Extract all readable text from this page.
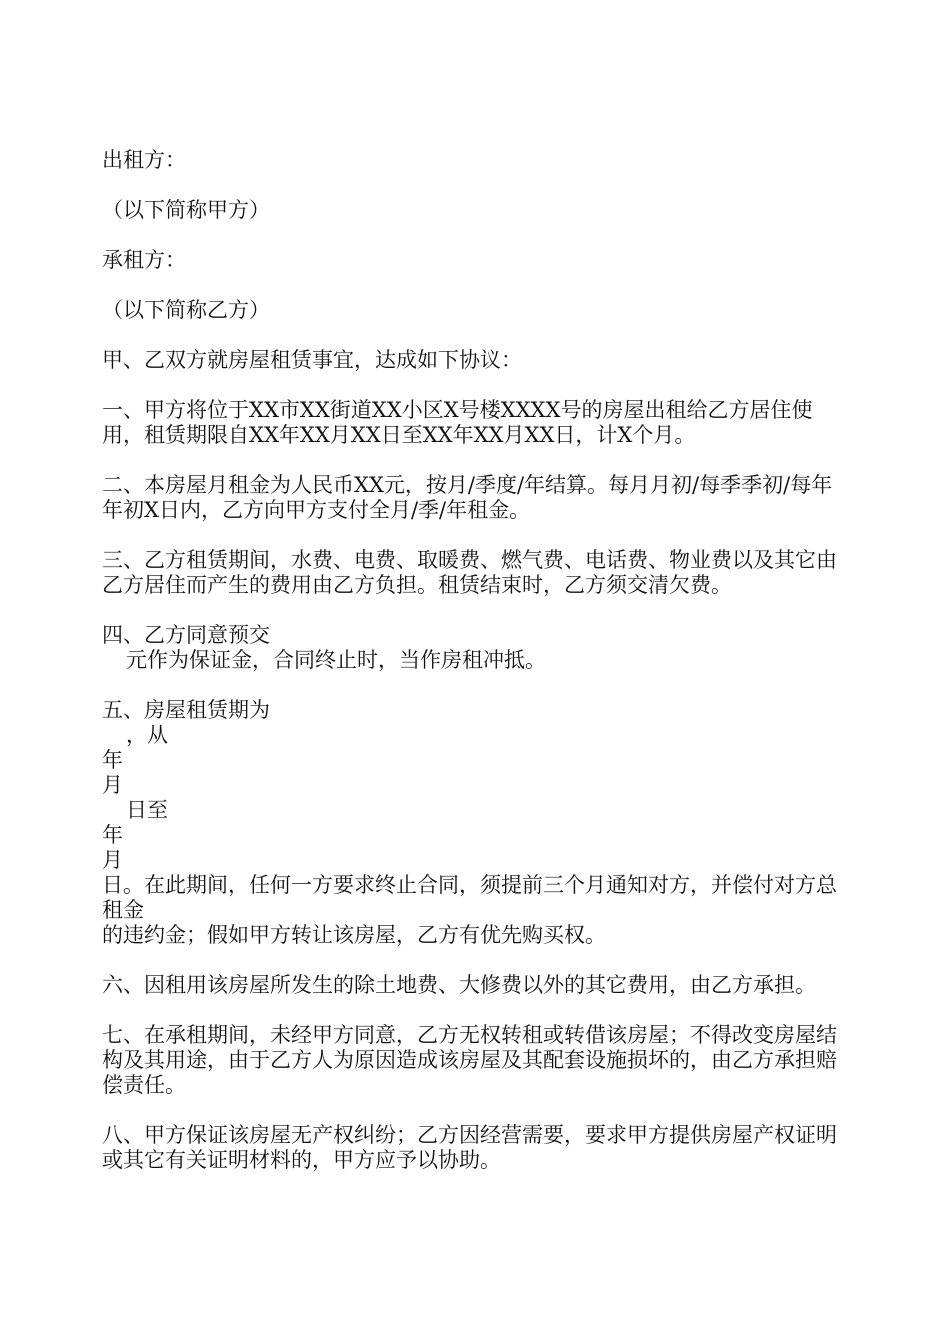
出租方：

（以下简称甲方）

承租方：

（以下简称乙方）

甲、乙双方就房屋租赁事宜，达成如下协议：

一、甲方将位于XX市XX街道XX小区X号楼XXXX号的房屋出租给乙方居住使用，租赁期限自XX年XX月XX日至XX年XX月XX日，计X个月。

二、本房屋月租金为人民币XX元，按月/季度/年结算。每月月初/每季季初/每年年初X日内，乙方向甲方支付全月/季/年租金。

三、乙方租赁期间，水费、电费、取暖费、燃气费、电话费、物业费以及其它由乙方居住而产生的费用由乙方负担。租赁结束时，乙方须交清欠费。

四、乙方同意预交

元作为保证金，合同终止时，当作房租冲抵。

五、房屋租赁期为

，从

年

月

日至

年

月

日。在此期间，任何一方要求终止合同，须提前三个月通知对方，并偿付对方总租金

的违约金；假如甲方转让该房屋，乙方有优先购买权。

六、因租用该房屋所发生的除土地费、大修费以外的其它费用，由乙方承担。

七、在承租期间，未经甲方同意，乙方无权转租或转借该房屋；不得改变房屋结构及其用途，由于乙方人为原因造成该房屋及其配套设施损坏的，由乙方承担赔偿责任。

八、甲方保证该房屋无产权纠纷；乙方因经营需要，要求甲方提供房屋产权证明或其它有关证明材料的，甲方应予以协助。
